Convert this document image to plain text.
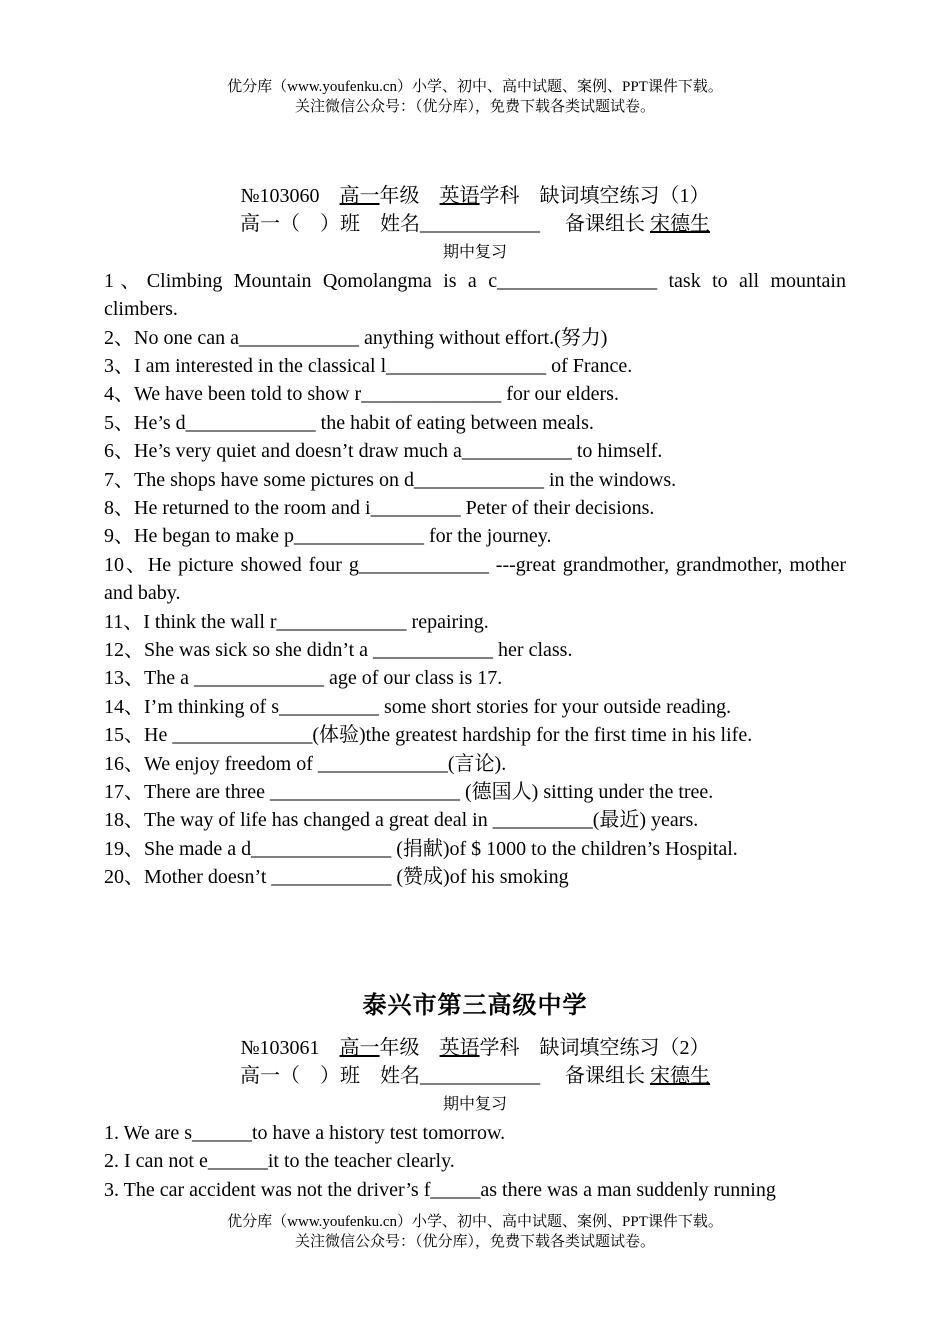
优分库（www.youfenku.cn）小学、初中、高中试题、案例、PPT课件下载。
关注微信公众号：（优分库），免费下载各类试题试卷。
№103060 高一年级 英语学科 缺词填空练习（1）
高一（    ）班 姓名____________ 备课组长 宋德生
期中复习
1、Climbing Mountain Qomolangma is a c________________ task to all mountain climbers.
2、No one can a____________ anything without effort.(努力)
3、I am interested in the classical l________________ of France.
4、We have been told to show r______________ for our elders.
5、He’s d_____________ the habit of eating between meals.
6、He’s very quiet and doesn’t draw much a___________ to himself.
7、The shops have some pictures on d_____________ in the windows.
8、He returned to the room and i_________ Peter of their decisions.
9、He began to make p_____________ for the journey.
10、He picture showed four g_____________ ---great grandmother, grandmother, mother and baby.
11、I think the wall r_____________ repairing.
12、She was sick so she didn’t a ____________ her class.
13、The a _____________ age of our class is 17.
14、I’m thinking of s__________ some short stories for your outside reading.
15、He ______________(体验)the greatest hardship for the first time in his life.
16、We enjoy freedom of _____________(言论).
17、There are three ___________________ (德国人) sitting under the tree.
18、The way of life has changed a great deal in __________(最近) years.
19、She made a d______________ (捐献)of $ 1000 to the children’s Hospital.
20、Mother doesn’t ____________ (赞成)of his smoking
泰兴市第三高级中学
№103061 高一年级 英语学科 缺词填空练习（2）
高一（    ）班 姓名____________ 备课组长 宋德生
期中复习
1. We are s______to have a history test tomorrow.
2. I can not e______it to the teacher clearly.
3. The car accident was not the driver’s f_____as there was a man suddenly running
优分库（www.youfenku.cn）小学、初中、高中试题、案例、PPT课件下载。
关注微信公众号：（优分库），免费下载各类试题试卷。
